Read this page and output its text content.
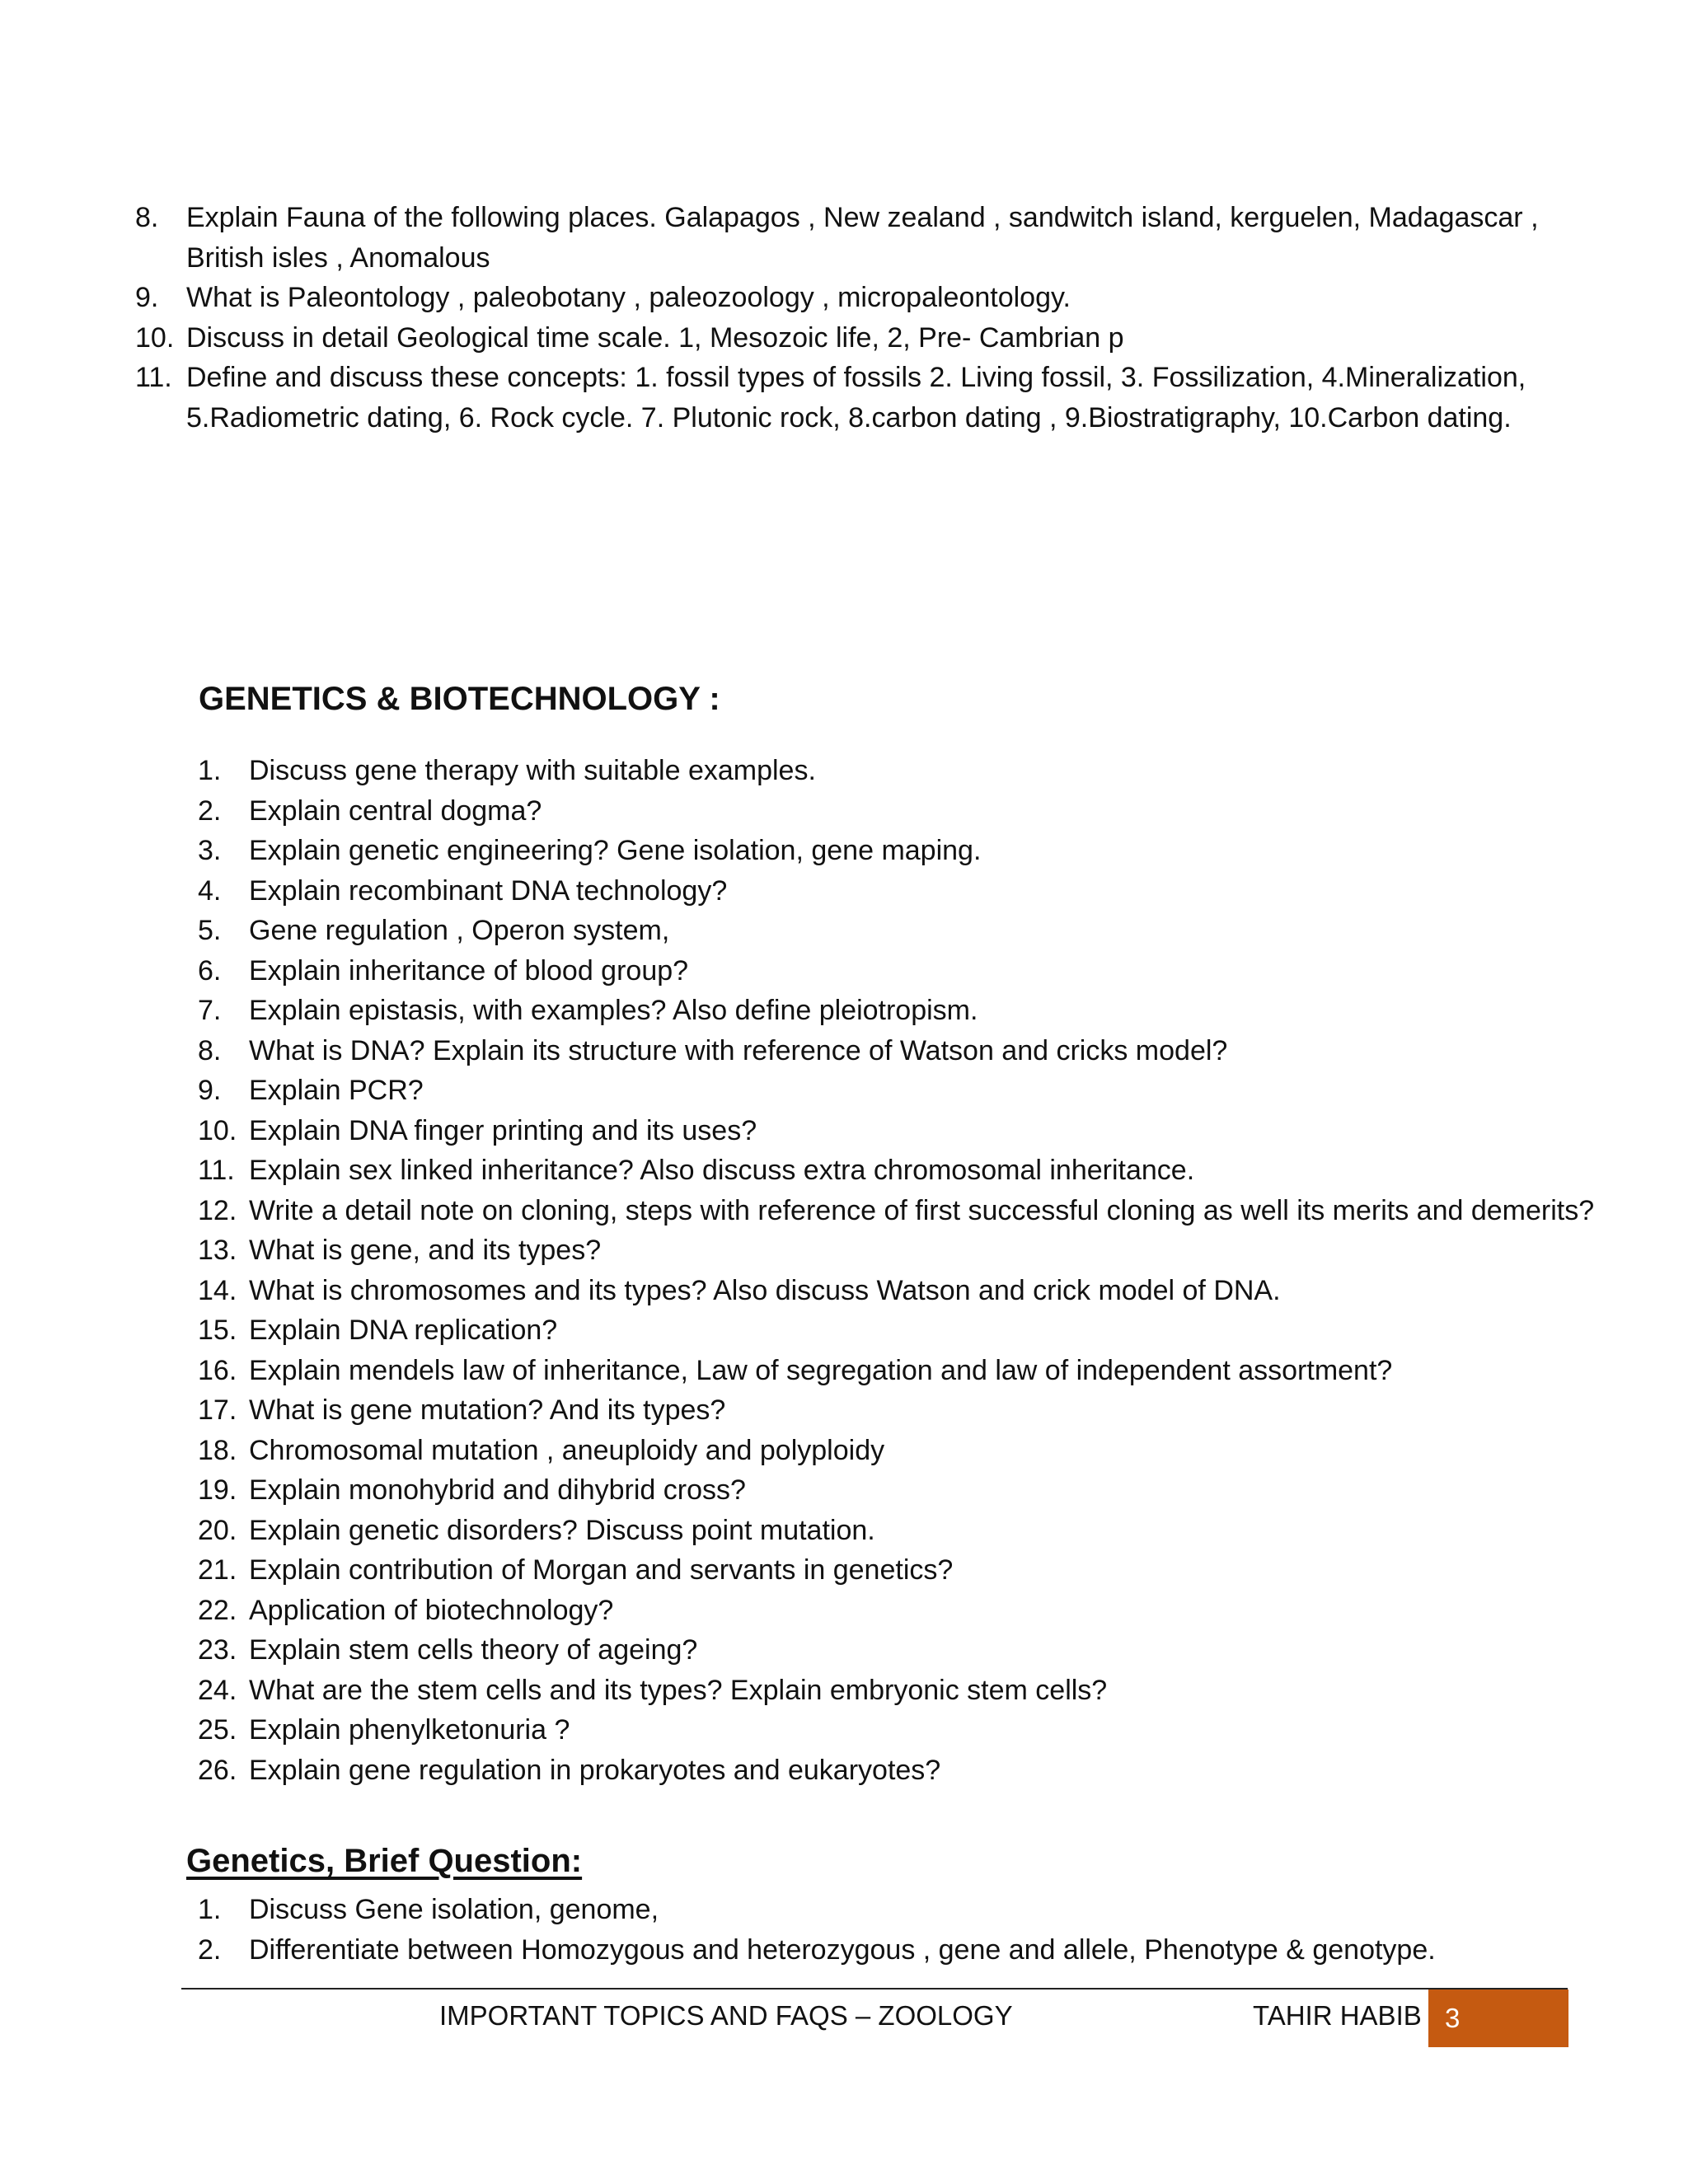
8. Explain Fauna of the following places. Galapagos , New zealand , sandwitch island, kerguelen, Madagascar , British isles , Anomalous
9. What is Paleontology , paleobotany , paleozoology , micropaleontology.
10. Discuss in detail Geological time scale. 1, Mesozoic life, 2, Pre- Cambrian p
11. Define and discuss these concepts: 1. fossil types of fossils 2. Living fossil, 3. Fossilization, 4.Mineralization, 5.Radiometric dating, 6. Rock cycle. 7. Plutonic rock, 8.carbon dating , 9.Biostratigraphy, 10.Carbon dating.
GENETICS & BIOTECHNOLOGY :
1. Discuss gene therapy with suitable examples.
2. Explain central dogma?
3. Explain genetic engineering? Gene isolation, gene maping.
4. Explain recombinant DNA technology?
5. Gene regulation , Operon system,
6. Explain inheritance of blood group?
7. Explain epistasis, with examples? Also define pleiotropism.
8. What is DNA? Explain its structure with reference of Watson and cricks model?
9. Explain PCR?
10. Explain DNA finger printing and its uses?
11. Explain sex linked inheritance? Also discuss extra chromosomal inheritance.
12. Write a detail note on cloning, steps with reference of first successful cloning as well its merits and demerits?
13. What is gene, and its types?
14. What is chromosomes and its types? Also discuss Watson and crick model of DNA.
15. Explain DNA replication?
16. Explain mendels law of inheritance, Law of segregation and law of independent assortment?
17. What is gene mutation? And its types?
18. Chromosomal mutation , aneuploidy and polyploidy
19. Explain monohybrid and dihybrid cross?
20. Explain genetic disorders? Discuss point mutation.
21. Explain contribution of Morgan and servants in genetics?
22. Application of biotechnology?
23. Explain stem cells theory of ageing?
24. What are the stem cells and its types? Explain embryonic stem cells?
25. Explain phenylketonuria ?
26. Explain gene regulation in prokaryotes and eukaryotes?
Genetics, Brief Question:
1. Discuss Gene isolation, genome,
2. Differentiate between Homozygous and heterozygous , gene and allele, Phenotype & genotype.
IMPORTANT TOPICS AND FAQS – ZOOLOGY	TAHIR HABIB 3
